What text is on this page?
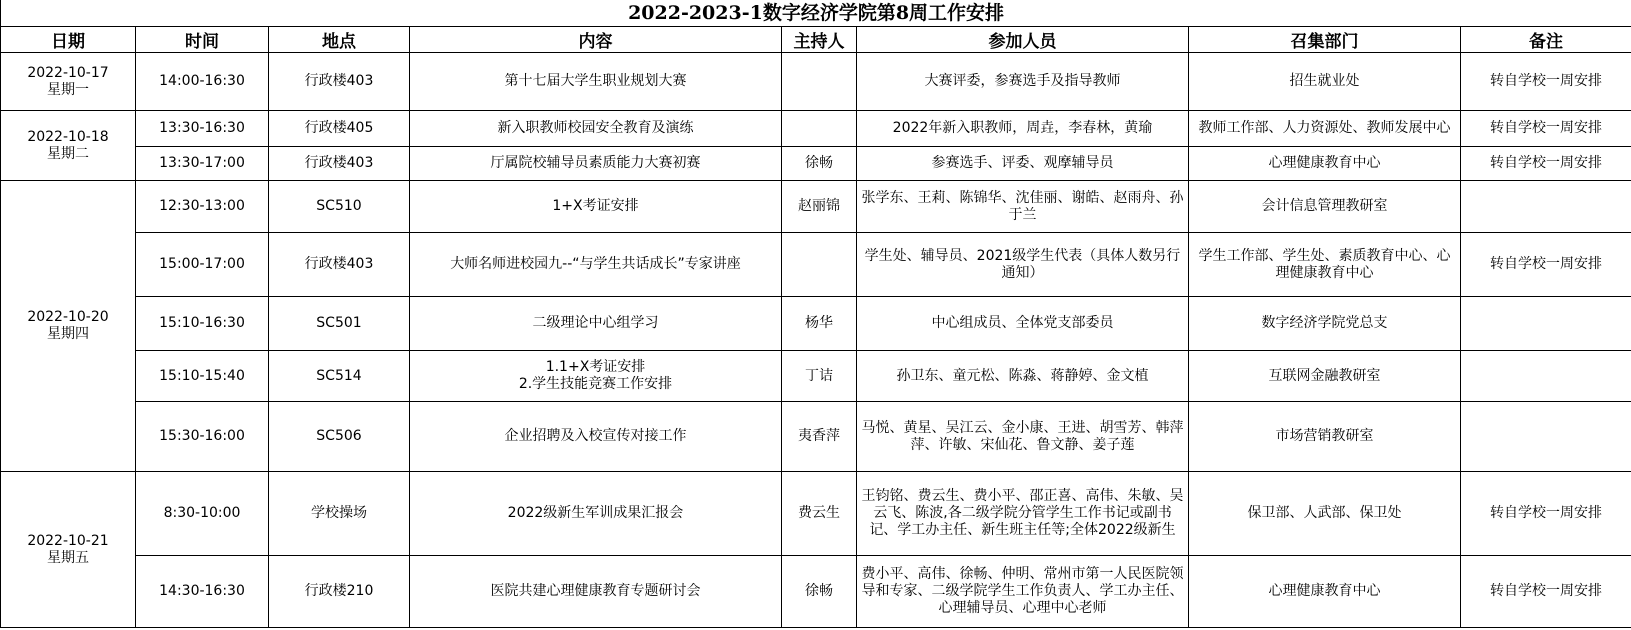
2022-2023-1数字经济学院第8周工作安排							
日期	时间	地点	内容	主持人	参加人员	召集部门	备注

2022-10-17
星期一	14:00-16:30	行政楼403	第十七届大学生职业规划大赛		大赛评委，参赛选手及指导教师	招生就业处	转自学校一周安排

2022-10-18
星期二	13:30-16:30	行政楼405	新入职教师校园安全教育及演练		2022年新入职教师，周垚，李春林，黄瑜	教师工作部、人力资源处、教师发展中心	转自学校一周安排
	13:30-17:00	行政楼403	厅属院校辅导员素质能力大赛初赛	徐畅	参赛选手、评委、观摩辅导员	心理健康教育中心	转自学校一周安排

2022-10-20
星期四	12:30-13:00	SC510	1+X考证安排	赵丽锦	张学东、王莉、陈锦华、沈佳丽、谢皓、赵雨舟、孙于兰	会计信息管理教研室	
	15:00-17:00	行政楼403	大师名师进校园九--“与学生共话成长”专家讲座		学生处、辅导员、2021级学生代表（具体人数另行通知）	学生工作部、学生处、素质教育中心、心理健康教育中心	转自学校一周安排
	15:10-16:30	SC501	二级理论中心组学习	杨华	中心组成员、全体党支部委员	数字经济学院党总支	
	15:10-15:40	SC514	1.1+X考证安排
2.学生技能竞赛工作安排	丁诘	孙卫东、童元松、陈淼、蒋静婷、金文植	互联网金融教研室	
	15:30-16:00	SC506	企业招聘及入校宣传对接工作	夷香萍	马悦、黄星、吴江云、金小康、王进、胡雪芳、韩萍萍、许敏、宋仙花、鲁文静、姜子莲	市场营销教研室	

2022-10-21
星期五	8:30-10:00	学校操场	2022级新生军训成果汇报会	费云生	王钧铭、费云生、费小平、邵正喜、高伟、朱敏、吴云飞、陈波,各二级学院分管学生工作书记或副书记、学工办主任、新生班主任等;全体2022级新生	保卫部、人武部、保卫处	转自学校一周安排
	14:30-16:30	行政楼210	医院共建心理健康教育专题研讨会	徐畅	费小平、高伟、徐畅、仲明、常州市第一人民医院领导和专家、二级学院学生工作负责人、学工办主任、心理辅导员、心理中心老师	心理健康教育中心	转自学校一周安排
